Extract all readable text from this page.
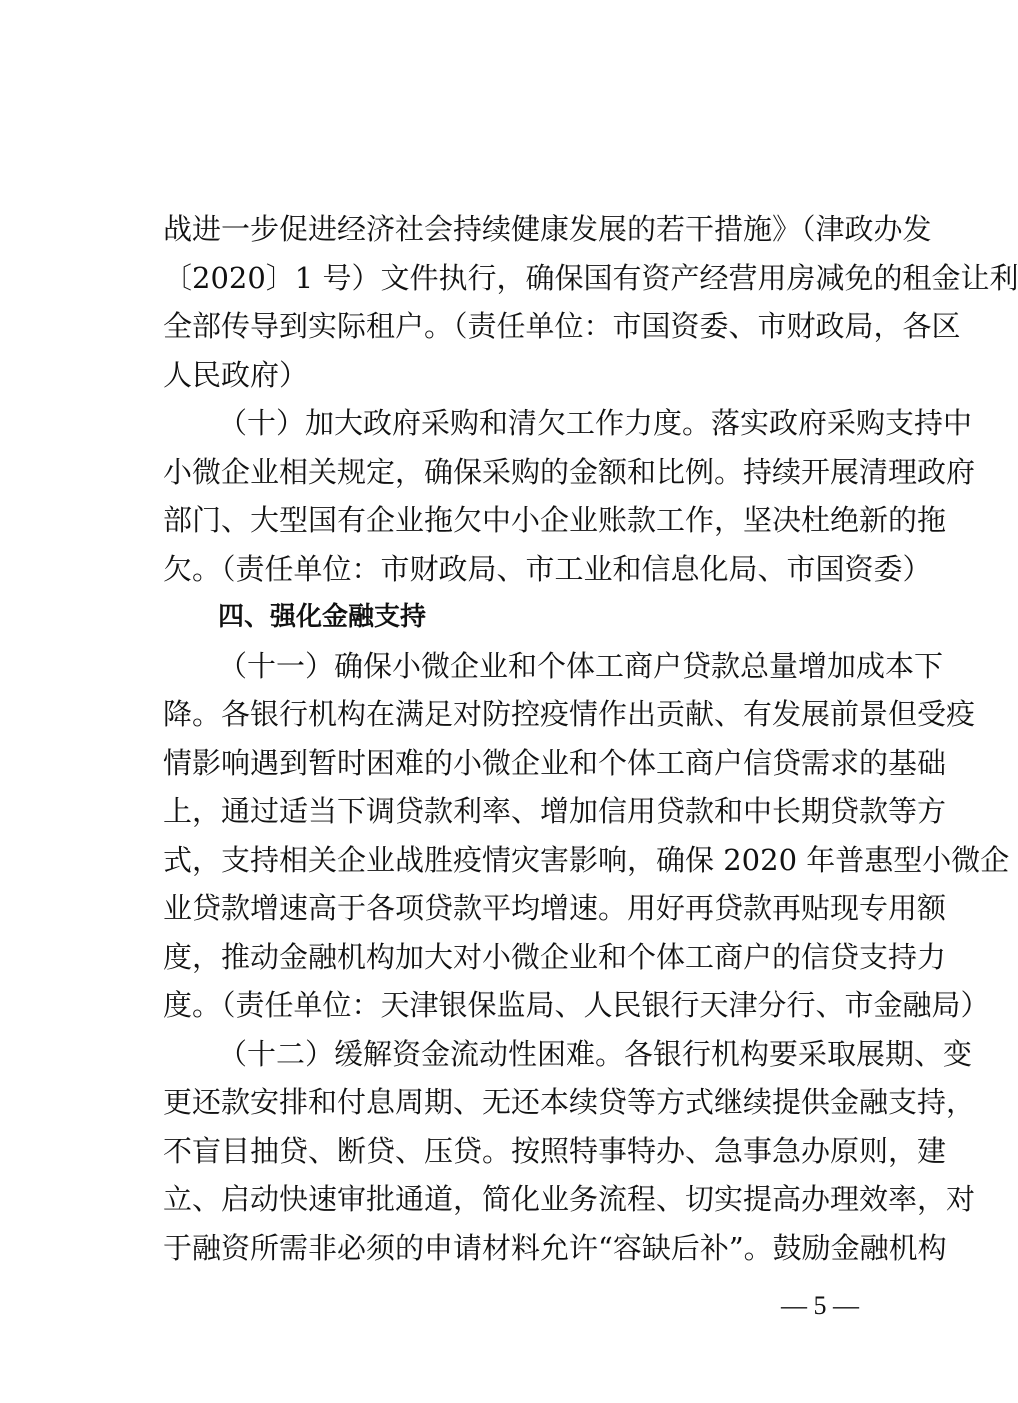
战进一步促进经济社会持续健康发展的若干措施》（津政办发
〔2020〕1 号）文件执行，确保国有资产经营用房减免的租金让利
全部传导到实际租户。（责任单位：市国资委、市财政局，各区
人民政府）
（十）加大政府采购和清欠工作力度。落实政府采购支持中
小微企业相关规定，确保采购的金额和比例。持续开展清理政府
部门、大型国有企业拖欠中小企业账款工作，坚决杜绝新的拖
欠。（责任单位：市财政局、市工业和信息化局、市国资委）
四、强化金融支持
（十一）确保小微企业和个体工商户贷款总量增加成本下
降。各银行机构在满足对防控疫情作出贡献、有发展前景但受疫
情影响遇到暂时困难的小微企业和个体工商户信贷需求的基础
上，通过适当下调贷款利率、增加信用贷款和中长期贷款等方
式，支持相关企业战胜疫情灾害影响，确保 2020 年普惠型小微企
业贷款增速高于各项贷款平均增速。用好再贷款再贴现专用额
度，推动金融机构加大对小微企业和个体工商户的信贷支持力
度。（责任单位：天津银保监局、人民银行天津分行、市金融局）
（十二）缓解资金流动性困难。各银行机构要采取展期、变
更还款安排和付息周期、无还本续贷等方式继续提供金融支持，
不盲目抽贷、断贷、压贷。按照特事特办、急事急办原则，建
立、启动快速审批通道，简化业务流程、切实提高办理效率，对
于融资所需非必须的申请材料允许“容缺后补”。鼓励金融机构
— 5 —
